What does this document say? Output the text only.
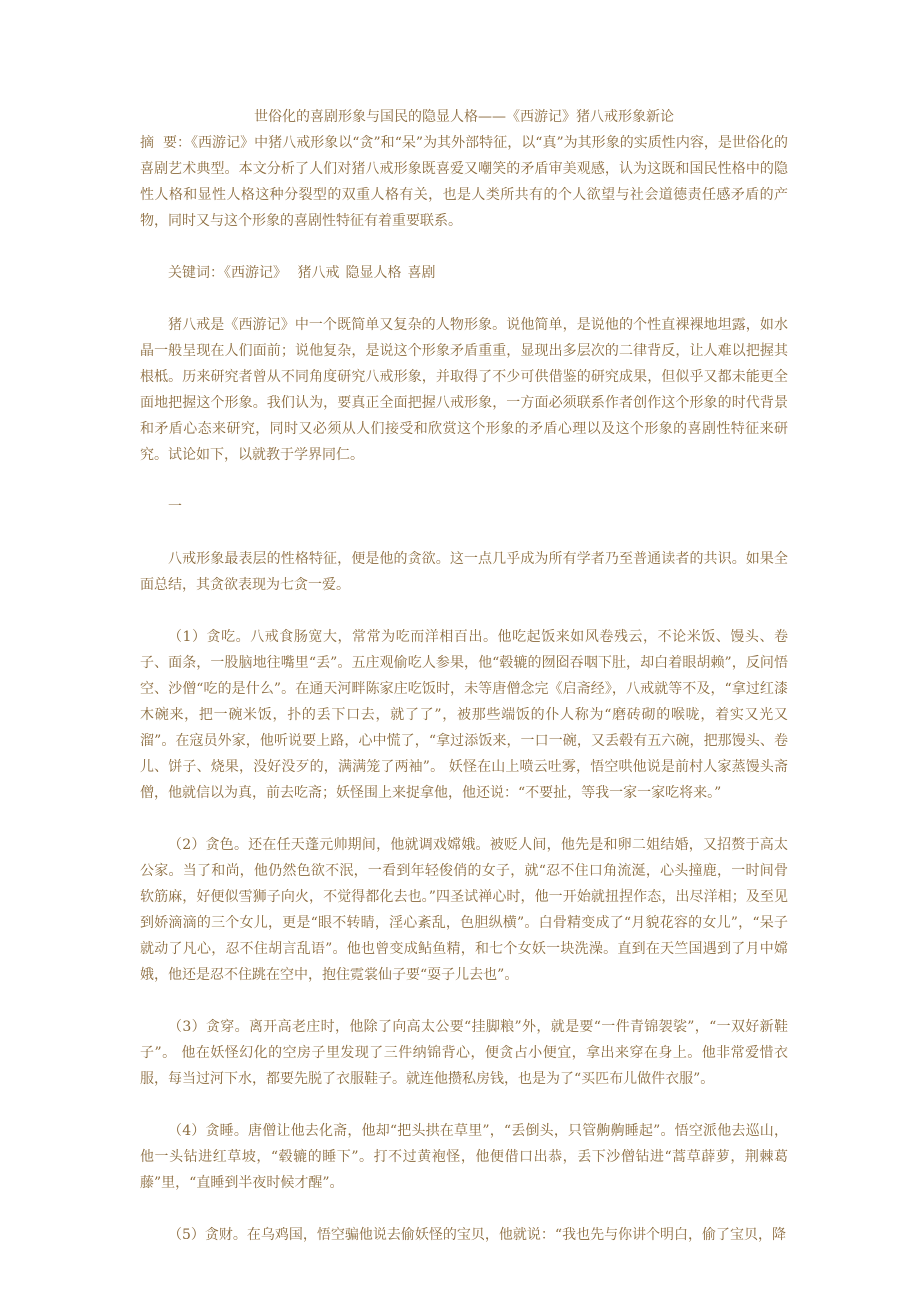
世俗化的喜剧形象与国民的隐显人格——《西游记》猪八戒形象新论

摘  要：《西游记》中猪八戒形象以“贪”和“呆”为其外部特征，以“真”为其形象的实质性内容，是世俗化的喜剧艺术典型。本文分析了人们对猪八戒形象既喜爱又嘲笑的矛盾审美观感，认为这既和国民性格中的隐性人格和显性人格这种分裂型的双重人格有关，也是人类所共有的个人欲望与社会道德责任感矛盾的产物，同时又与这个形象的喜剧性特征有着重要联系。

关键词：《西游记》 猪八戒 隐显人格 喜剧

猪八戒是《西游记》中一个既简单又复杂的人物形象。说他简单，是说他的个性直裸裸地坦露，如水晶一般呈现在人们面前；说他复杂，是说这个形象矛盾重重，显现出多层次的二律背反，让人难以把握其根柢。历来研究者曾从不同角度研究八戒形象，并取得了不少可供借鉴的研究成果，但似乎又都未能更全面地把握这个形象。我们认为，要真正全面把握八戒形象，一方面必须联系作者创作这个形象的时代背景和矛盾心态来研究，同时又必须从人们接受和欣赏这个形象的矛盾心理以及这个形象的喜剧性特征来研究。试论如下，以就教于学界同仁。

一

八戒形象最表层的性格特征，便是他的贪欲。这一点几乎成为所有学者乃至普通读者的共识。如果全面总结，其贪欲表现为七贪一爱。

（1）贪吃。八戒食肠宽大，常常为吃而洋相百出。他吃起饭来如风卷残云，不论米饭、馒头、卷子、面条，一股脑地往嘴里“丢”。五庄观偷吃人参果，他“毂辘的囫囵吞咽下肚，却白着眼胡赖”，反问悟空、沙僧“吃的是什么”。在通天河畔陈家庄吃饭时，未等唐僧念完《启斋经》，八戒就等不及，“拿过红漆木碗来，把一碗米饭，扑的丢下口去，就了了”，被那些端饭的仆人称为“磨砖砌的喉咙，着实又光又溜”。在寇员外家，他听说要上路，心中慌了，“拿过添饭来，一口一碗，又丢毂有五六碗，把那馒头、卷儿、饼子、烧果，没好没歹的，满满笼了两袖”。 妖怪在山上喷云吐雾，悟空哄他说是前村人家蒸馒头斋僧，他就信以为真，前去吃斋；妖怪围上来捉拿他，他还说：“不要扯，等我一家一家吃将来。”

（2）贪色。还在任天蓬元帅期间，他就调戏嫦娥。被贬人间，他先是和卵二姐结婚，又招赘于高太公家。当了和尚，他仍然色欲不泯，一看到年轻俊俏的女子，就“忍不住口角流涎，心头撞鹿，一时间骨软筋麻，好便似雪狮子向火，不觉得都化去也。”四圣试禅心时，他一开始就扭捏作态，出尽洋相；及至见到娇滴滴的三个女儿，更是“眼不转睛，淫心紊乱，色胆纵横”。白骨精变成了“月貌花容的女儿”，“呆子就动了凡心，忍不住胡言乱语”。他也曾变成鲇鱼精，和七个女妖一块洗澡。直到在天竺国遇到了月中嫦娥，他还是忍不住跳在空中，抱住霓裳仙子要“耍子儿去也”。

（3）贪穿。离开高老庄时，他除了向高太公要“挂脚粮”外，就是要“一件青锦袈裟”，“一双好新鞋子”。 他在妖怪幻化的空房子里发现了三件纳锦背心，便贪占小便宜，拿出来穿在身上。他非常爱惜衣服，每当过河下水，都要先脱了衣服鞋子。就连他攒私房钱，也是为了“买匹布儿做件衣服”。

（4）贪睡。唐僧让他去化斋，他却“把头拱在草里”，“丢倒头，只管齁齁睡起”。悟空派他去巡山，他一头钻进红草坡，“毂辘的睡下”。打不过黄袍怪，他便借口出恭，丢下沙僧钻进“蒿草薜萝，荆棘葛藤”里，“直睡到半夜时候才醒”。

（5）贪财。在乌鸡国，悟空骗他说去偷妖怪的宝贝，他就说：“我也先与你讲个明白，偷了宝贝，降
